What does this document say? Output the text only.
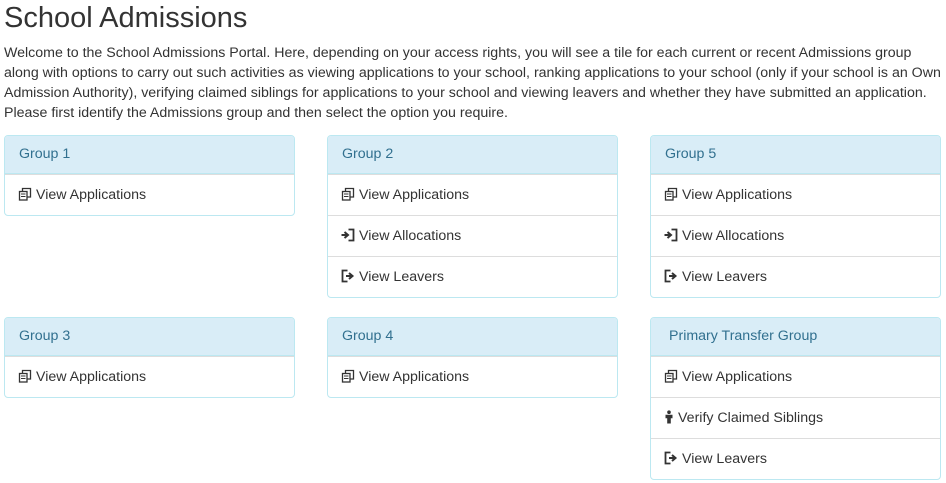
School Admissions

Welcome to the School Admissions Portal. Here, depending on your access rights, you will see a tile for each current or recent Admissions group along with options to carry out such activities as viewing applications to your school, ranking applications to your school (only if your school is an Own Admission Authority), verifying claimed siblings for applications to your school and viewing leavers and whether they have submitted an application. Please first identify the Admissions group and then select the option you require.

Group 1
View Applications
Group 2
View Applications
View Allocations
View Leavers
Group 5
View Applications
View Allocations
View Leavers
Group 3
View Applications
Group 4
View Applications
Primary Transfer Group
View Applications
Verify Claimed Siblings
View Leavers
